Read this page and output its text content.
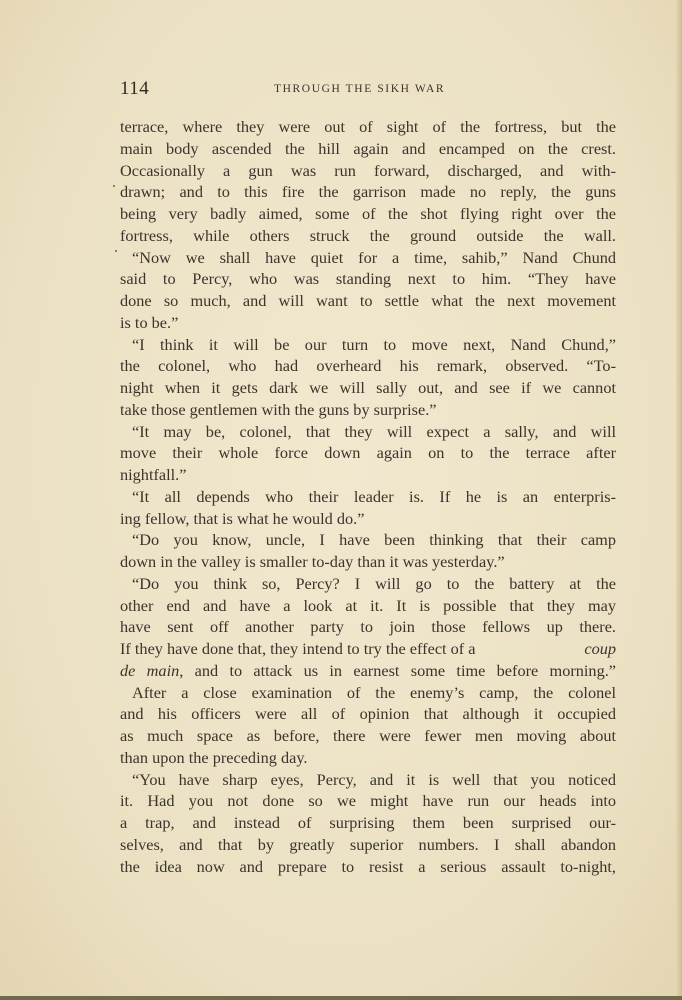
114	THROUGH THE SIKH WAR
terrace, where they were out of sight of the fortress, but the
main body ascended the hill again and encamped on the crest.
Occasionally a gun was run forward, discharged, and with-
drawn; and to this fire the garrison made no reply, the guns
being very badly aimed, some of the shot flying right over the
fortress, while others struck the ground outside the wall.
“Now we shall have quiet for a time, sahib,” Nand Chund
said to Percy, who was standing next to him. “They have
done so much, and will want to settle what the next movement
is to be.”
“I think it will be our turn to move next, Nand Chund,”
the colonel, who had overheard his remark, observed. “To-
night when it gets dark we will sally out, and see if we cannot
take those gentlemen with the guns by surprise.”
“It may be, colonel, that they will expect a sally, and will
move their whole force down again on to the terrace after
nightfall.”
“It all depends who their leader is. If he is an enterpris-
ing fellow, that is what he would do.”
“Do you know, uncle, I have been thinking that their camp
down in the valley is smaller to-day than it was yesterday.”
“Do you think so, Percy? I will go to the battery at the
other end and have a look at it. It is possible that they may
have sent off another party to join those fellows up there.
If they have done that, they intend to try the effect of a	coup
de main, and to attack us in earnest some time before morning.”
After a close examination of the enemy’s camp, the colonel
and his officers were all of opinion that although it occupied
as much space as before, there were fewer men moving about
than upon the preceding day.
“You have sharp eyes, Percy, and it is well that you noticed
it. Had you not done so we might have run our heads into
a trap, and instead of surprising them been surprised our-
selves, and that by greatly superior numbers. I shall abandon
the idea now and prepare to resist a serious assault to-night,
